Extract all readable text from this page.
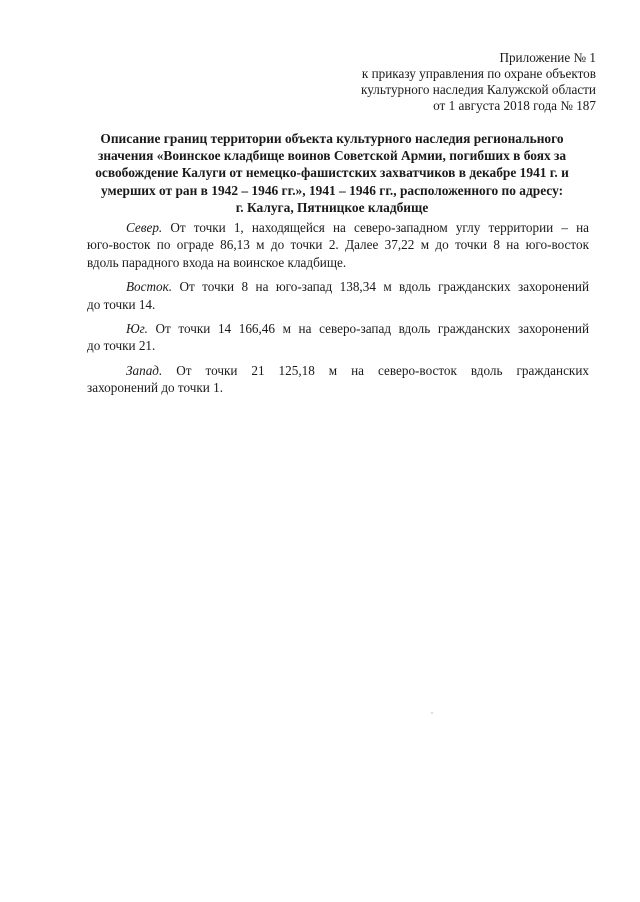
Приложение № 1
к приказу управления по охране объектов
культурного наследия Калужской области
от 1 августа 2018 года № 187
Описание границ территории объекта культурного наследия регионального
значения «Воинское кладбище воинов Советской Армии, погибших в боях за
освобождение Калуги от немецко-фашистских захватчиков в декабре 1941 г. и
умерших от ран в 1942 – 1946 гг.», 1941 – 1946 гг., расположенного по адресу:
г. Калуга, Пятницкое кладбище
Север. От точки 1, находящейся на северо-западном углу территории – на
юго-восток по ограде 86,13 м до точки 2. Далее 37,22 м до точки 8 на юго-восток
вдоль парадного входа на воинское кладбище.
Восток. От точки 8 на юго-запад 138,34 м вдоль гражданских захоронений
до точки 14.
Юг. От точки 14 166,46 м на северо-запад вдоль гражданских захоронений
до точки 21.
Запад. От точки 21 125,18 м на северо-восток вдоль гражданских
захоронений до точки 1.
